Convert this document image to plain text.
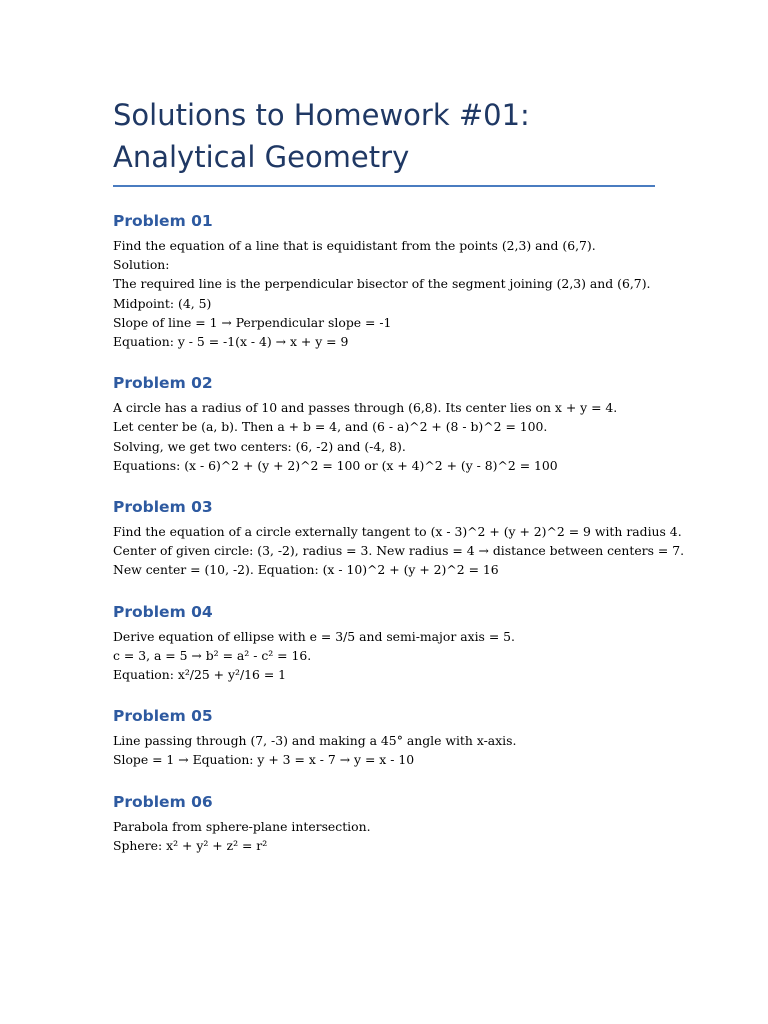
Solutions to Homework #01: Analytical Geometry
Problem 01
Find the equation of a line that is equidistant from the points (2,3) and (6,7).
Solution:
The required line is the perpendicular bisector of the segment joining (2,3) and (6,7).
Midpoint: (4, 5)
Slope of line = 1 → Perpendicular slope = -1
Equation: y - 5 = -1(x - 4) → x + y = 9
Problem 02
A circle has a radius of 10 and passes through (6,8). Its center lies on x + y = 4.
Let center be (a, b). Then a + b = 4, and (6 - a)^2 + (8 - b)^2 = 100.
Solving, we get two centers: (6, -2) and (-4, 8).
Equations: (x - 6)^2 + (y + 2)^2 = 100 or (x + 4)^2 + (y - 8)^2 = 100
Problem 03
Find the equation of a circle externally tangent to (x - 3)^2 + (y + 2)^2 = 9 with radius 4.
Center of given circle: (3, -2), radius = 3. New radius = 4 → distance between centers = 7.
New center = (10, -2). Equation: (x - 10)^2 + (y + 2)^2 = 16
Problem 04
Derive equation of ellipse with e = 3/5 and semi-major axis = 5.
c = 3, a = 5 → b² = a² - c² = 16.
Equation: x²/25 + y²/16 = 1
Problem 05
Line passing through (7, -3) and making a 45° angle with x-axis.
Slope = 1 → Equation: y + 3 = x - 7 → y = x - 10
Problem 06
Parabola from sphere-plane intersection.
Sphere: x² + y² + z² = r²
